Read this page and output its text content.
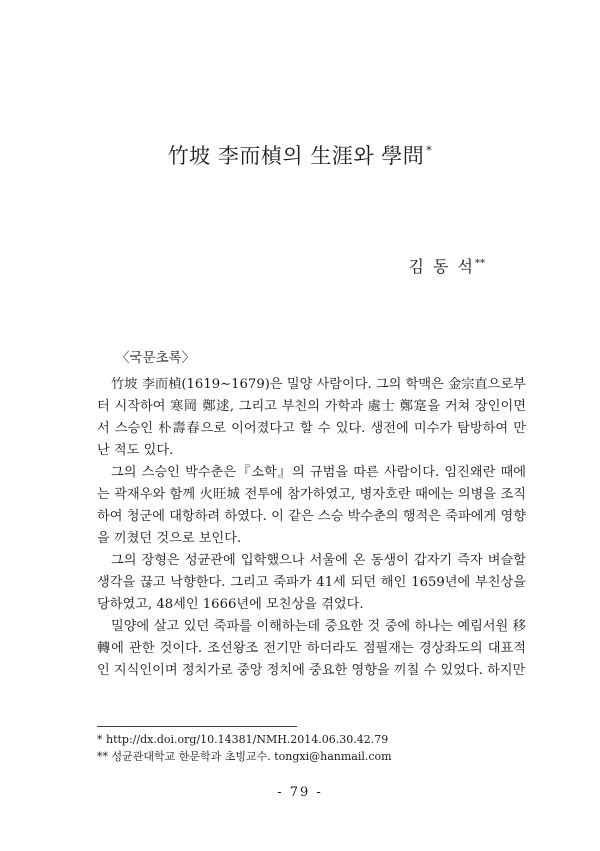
竹坡 李而楨의 生涯와 學問 *
김 동 석**
〈국문초록〉

竹坡 李而楨(1619∼1679)은 밀양 사람이다. 그의 학맥은 金宗直으로부터 시작하여 寒岡 鄭逑, 그리고 부친의 가학과 處士 鄭寔을 거쳐 장인이면서 스승인 朴壽春으로 이어졌다고 할 수 있다. 생전에 미수가 탐방하여 만난 적도 있다.

그의 스승인 박수춘은『소학』의 규범을 따른 사람이다. 임진왜란 때에는 곽재우와 함께 火旺城 전투에 참가하였고, 병자호란 때에는 의병을 조직하여 청군에 대항하려 하였다. 이 같은 스승 박수춘의 행적은 죽파에게 영향을 끼쳤던 것으로 보인다.

그의 장형은 성균관에 입학했으나 서울에 온 동생이 갑자기 즉자 벼슬할 생각을 끊고 낙향한다. 그리고 죽파가 41세 되던 해인 1659년에 부친상을 당하였고, 48세인 1666년에 모친상을 겪었다.

밀양에 살고 있던 죽파를 이해하는데 중요한 것 중에 하나는 예림서원 移轉에 관한 것이다. 조선왕조 전기만 하더라도 점필재는 경상좌도의 대표적인 지식인이며 정치가로 중앙 정치에 중요한 영향을 끼칠 수 있었다. 하지만

* http://dx.doi.org/10.14381/NMH.2014.06.30.42.79
** 성균관대학교 한문학과 초빙교수. tongxi@hanmail.com
- 79 -
